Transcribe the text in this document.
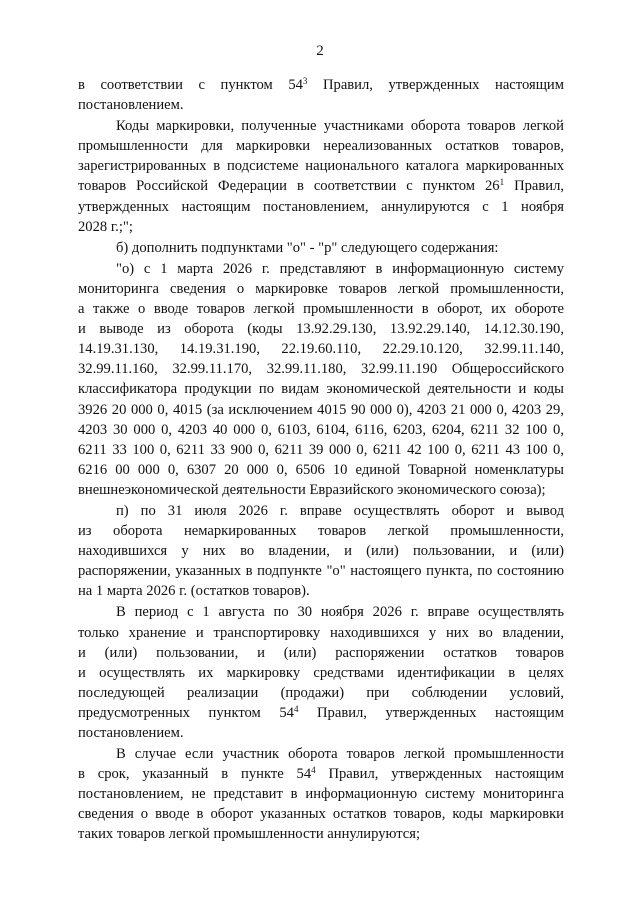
2
в соответствии с пунктом $54^3$ Правил, утвержденных настоящим
постановлением.
Коды маркировки, полученные участниками оборота товаров легкой
промышленности для маркировки нереализованных остатков товаров,
зарегистрированных в подсистеме национального каталога маркированных
товаров Российской Федерации в соответствии с пунктом $26^1$ Правил,
утвержденных настоящим постановлением, аннулируются с 1 ноября
2028 г.;";
б) дополнить подпунктами "о" - "р" следующего содержания:
"о) с 1 марта 2026 г. представляют в информационную систему
мониторинга сведения о маркировке товаров легкой промышленности,
а также о вводе товаров легкой промышленности в оборот, их обороте
и выводе из оборота (коды 13.92.29.130, 13.92.29.140, 14.12.30.190,
14.19.31.130, 14.19.31.190, 22.19.60.110, 22.29.10.120, 32.99.11.140,
32.99.11.160, 32.99.11.170, 32.99.11.180, 32.99.11.190 Общероссийского
классификатора продукции по видам экономической деятельности и коды
3926 20 000 0, 4015 (за исключением 4015 90 000 0), 4203 21 000 0, 4203 29,
4203 30 000 0, 4203 40 000 0, 6103, 6104, 6116, 6203, 6204, 6211 32 100 0,
6211 33 100 0, 6211 33 900 0, 6211 39 000 0, 6211 42 100 0, 6211 43 100 0,
6216 00 000 0, 6307 20 000 0, 6506 10 единой Товарной номенклатуры
внешнеэкономической деятельности Евразийского экономического союза);
п) по 31 июля 2026 г. вправе осуществлять оборот и вывод
из оборота немаркированных товаров легкой промышленности,
находившихся у них во владении, и (или) пользовании, и (или)
распоряжении, указанных в подпункте "о" настоящего пункта, по состоянию
на 1 марта 2026 г. (остатков товаров).
В период с 1 августа по 30 ноября 2026 г. вправе осуществлять
только хранение и транспортировку находившихся у них во владении,
и (или) пользовании, и (или) распоряжении остатков товаров
и осуществлять их маркировку средствами идентификации в целях
последующей реализации (продажи) при соблюдении условий,
предусмотренных пунктом $54^4$ Правил, утвержденных настоящим
постановлением.
В случае если участник оборота товаров легкой промышленности
в срок, указанный в пункте $54^4$ Правил, утвержденных настоящим
постановлением, не представит в информационную систему мониторинга
сведения о вводе в оборот указанных остатков товаров, коды маркировки
таких товаров легкой промышленности аннулируются;
